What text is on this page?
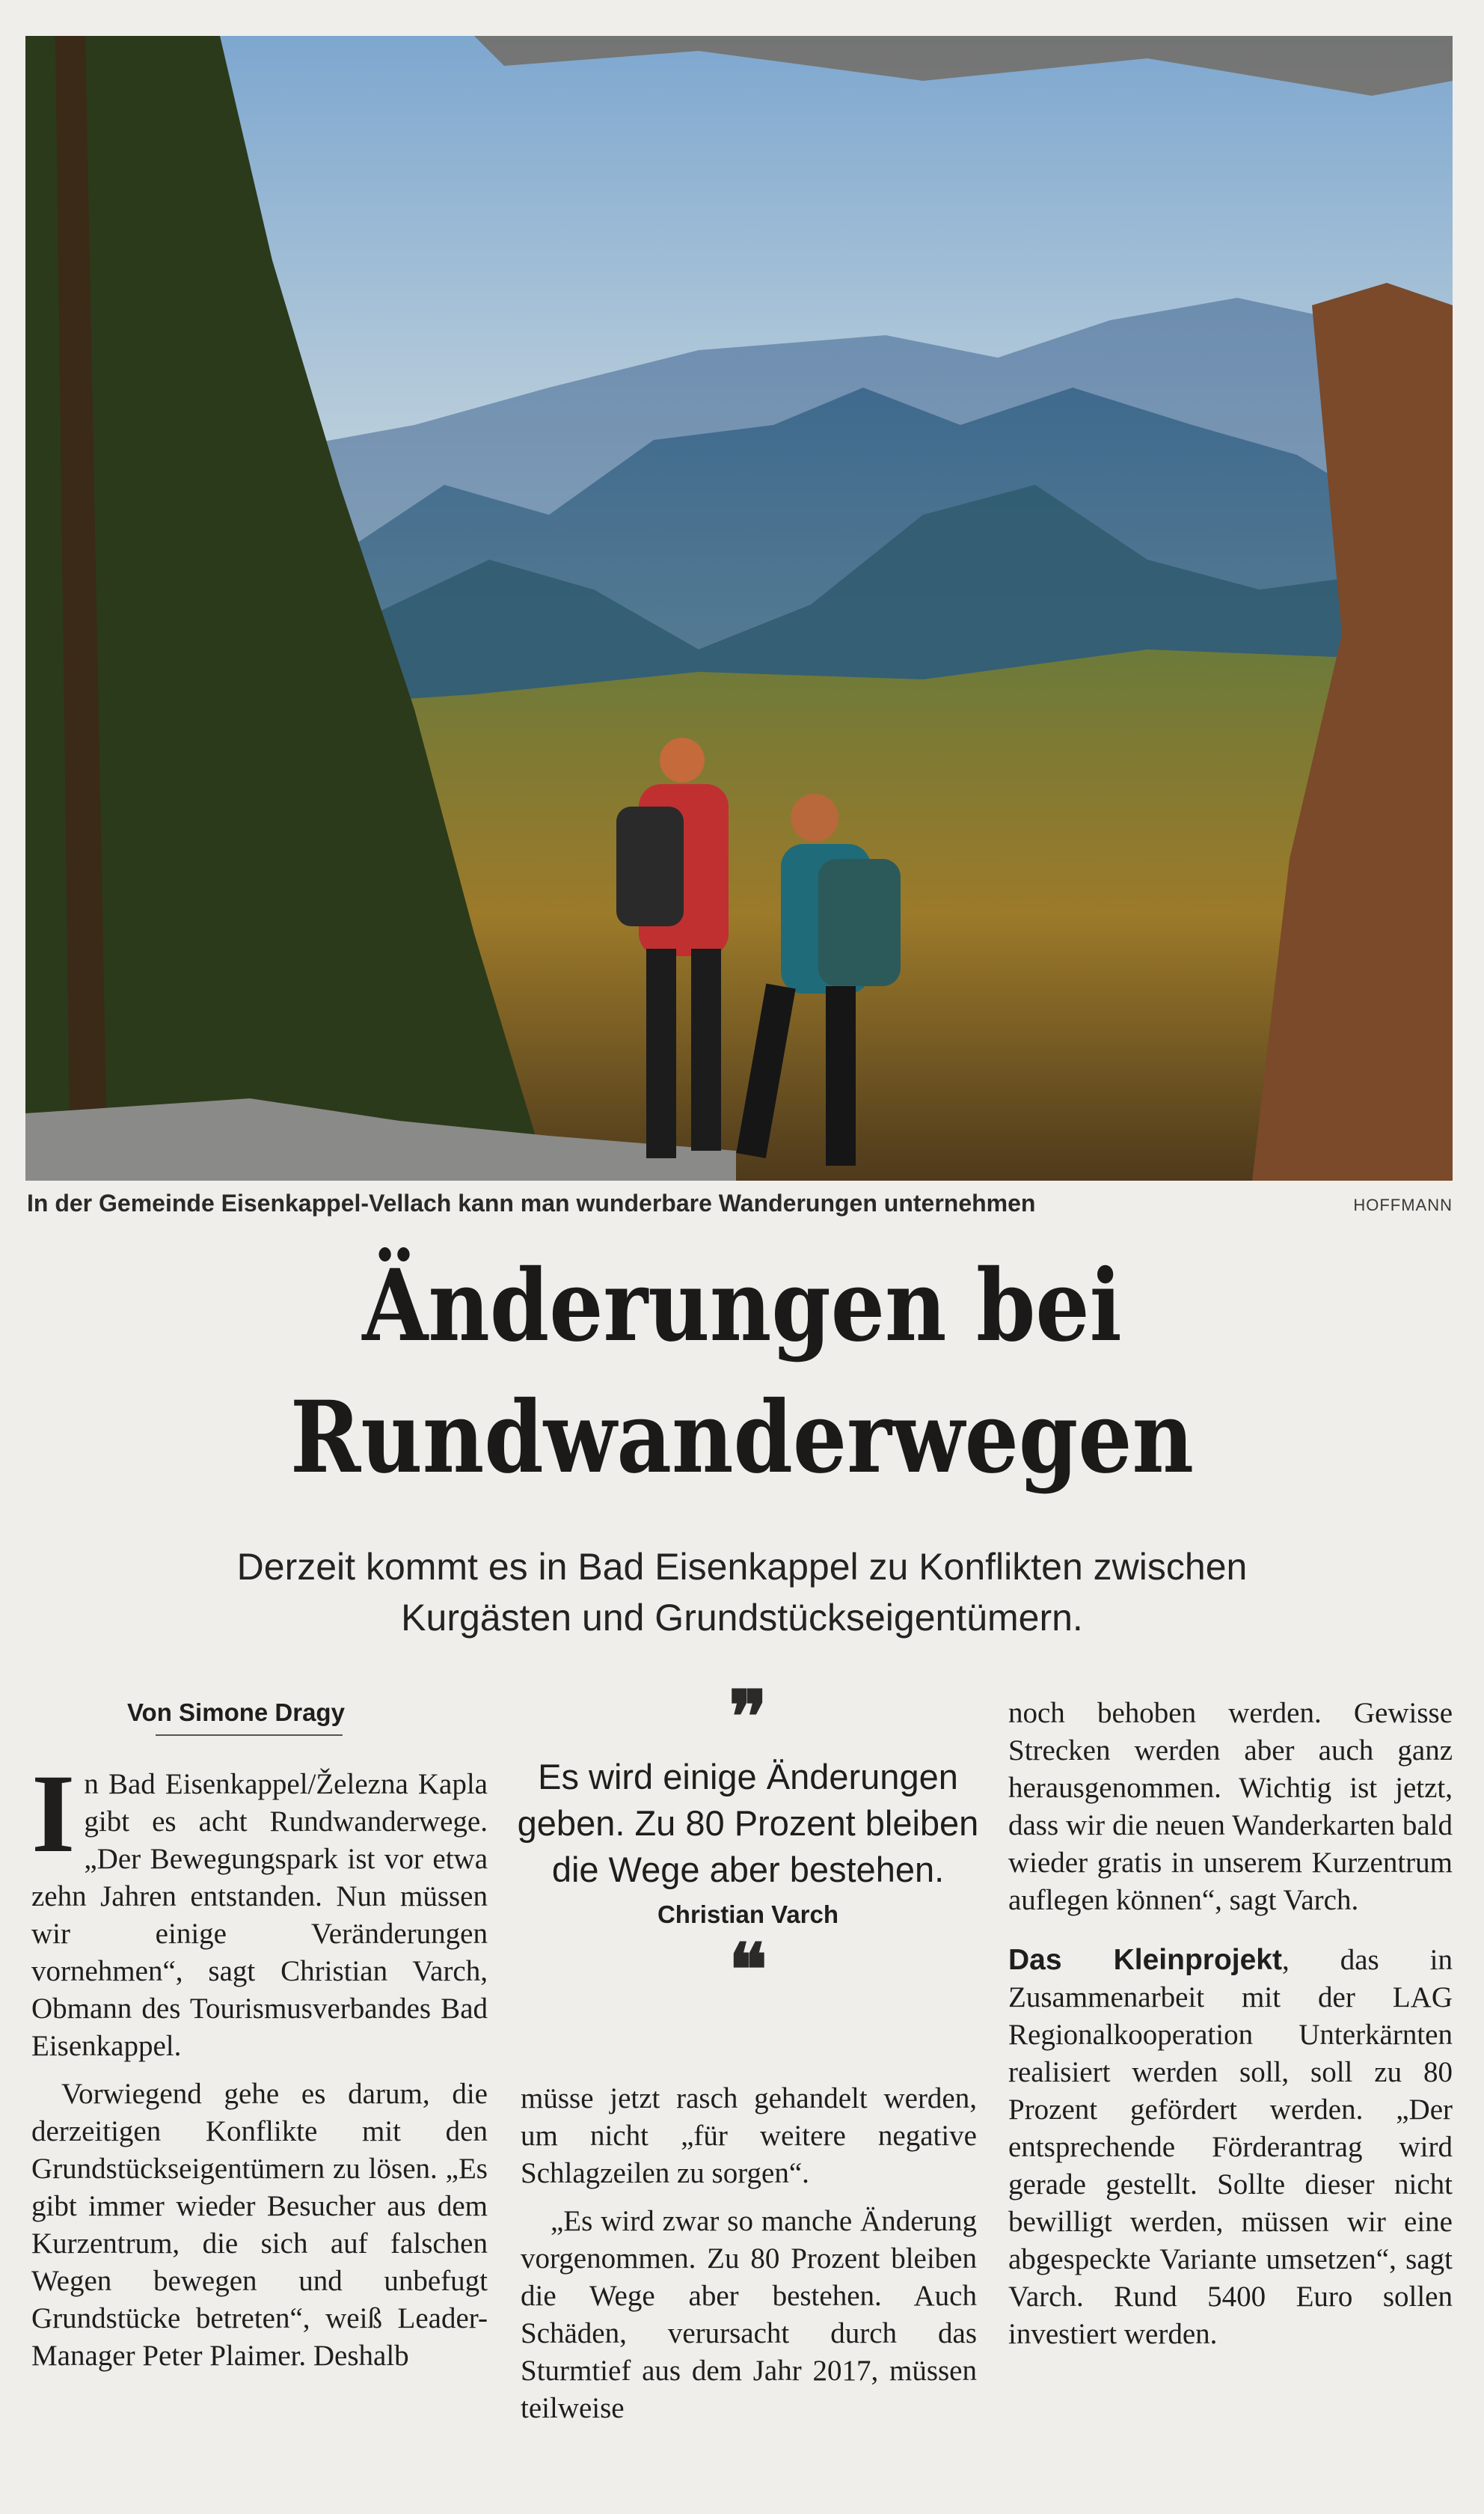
In der Gemeinde Eisenkappel-Vellach kann man wunderbare Wanderungen unternehmen	HOFFMANN
Änderungen bei
Rundwanderwegen
Derzeit kommt es in Bad Eisenkappel zu Konflikten zwischen Kurgästen und Grundstückseigentümern.
Von Simone Dragy

In Bad Eisenkappel/Železna Kapla gibt es acht Rundwanderwege. „Der Bewegungspark ist vor etwa zehn Jahren entstanden. Nun müssen wir einige Veränderungen vornehmen“, sagt Christian Varch, Obmann des Tourismusverbandes Bad Eisenkappel.

Vorwiegend gehe es darum, die derzeitigen Konflikte mit den Grundstückseigentümern zu lösen. „Es gibt immer wieder Besucher aus dem Kurzentrum, die sich auf falschen Wegen bewegen und unbefugt Grundstücke betreten“, weiß Leader-Manager Peter Plaimer. Deshalb

❞
Es wird einige Änderungen geben. Zu 80 Prozent bleiben die Wege aber bestehen.
Christian Varch
❝

müsse jetzt rasch gehandelt werden, um nicht „für weitere negative Schlagzeilen zu sorgen“.

„Es wird zwar so manche Änderung vorgenommen. Zu 80 Prozent bleiben die Wege aber bestehen. Auch Schäden, verursacht durch das Sturmtief aus dem Jahr 2017, müssen teilweise

noch behoben werden. Gewisse Strecken werden aber auch ganz herausgenommen. Wichtig ist jetzt, dass wir die neuen Wanderkarten bald wieder gratis in unserem Kurzentrum auflegen können“, sagt Varch.

Das Kleinprojekt, das in Zusammenarbeit mit der LAG Regionalkooperation Unterkärnten realisiert werden soll, soll zu 80 Prozent gefördert werden. „Der entsprechende Förderantrag wird gerade gestellt. Sollte dieser nicht bewilligt werden, müssen wir eine abgespeckte Variante umsetzen“, sagt Varch. Rund 5400 Euro sollen investiert werden.
